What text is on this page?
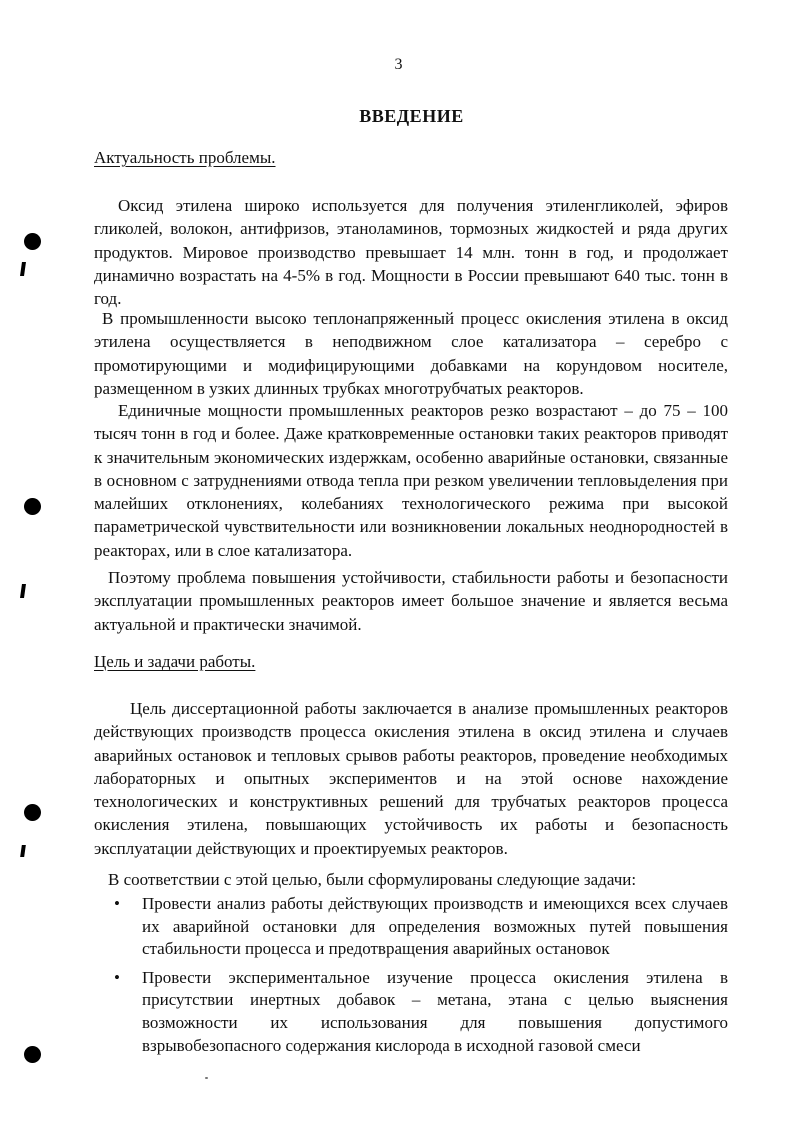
3
ВВЕДЕНИЕ
Актуальность проблемы.

Оксид этилена широко используется для получения этиленгликолей, эфиров гликолей, волокон, антифризов, этаноламинов, тормозных жидкостей и ряда других продуктов. Мировое производство превышает 14 млн. тонн в год, и продолжает динамично возрастать на 4-5% в год. Мощности в России превышают 640 тыс. тонн в год.

В промышленности высоко теплонапряженный процесс окисления этилена в оксид этилена осуществляется в неподвижном слое катализатора – серебро с промотирующими и модифицирующими добавками на корундовом носителе, размещенном в узких длинных трубках многотрубчатых реакторов.

Единичные мощности промышленных реакторов резко возрастают – до 75 – 100 тысяч тонн в год и более. Даже кратковременные остановки таких реакторов приводят к значительным экономических издержкам, особенно аварийные остановки, связанные в основном с затруднениями отвода тепла при резком увеличении тепловыделения при малейших отклонениях, колебаниях технологического режима при высокой параметрической чувствительности или возникновении локальных неоднородностей в реакторах, или в слое катализатора.

Поэтому проблема повышения устойчивости, стабильности работы и безопасности эксплуатации промышленных реакторов имеет большое значение и является весьма актуальной и практически значимой.

Цель и задачи работы.

Цель диссертационной работы заключается в анализе промышленных реакторов действующих производств процесса окисления этилена в оксид этилена и случаев аварийных остановок и тепловых срывов работы реакторов, проведение необходимых лабораторных и опытных экспериментов и на этой основе нахождение технологических и конструктивных решений для трубчатых реакторов процесса окисления этилена, повышающих устойчивость их работы и безопасность эксплуатации действующих и проектируемых реакторов.

В соответствии с этой целью, были сформулированы следующие задачи:

• Провести анализ работы действующих производств и имеющихся всех случаев их аварийной остановки для определения возможных путей повышения стабильности процесса и предотвращения аварийных остановок
• Провести экспериментальное изучение процесса окисления этилена в присутствии инертных добавок – метана, этана с целью выяснения возможности их использования для повышения допустимого взрывобезопасного содержания кислорода в исходной газовой смеси
